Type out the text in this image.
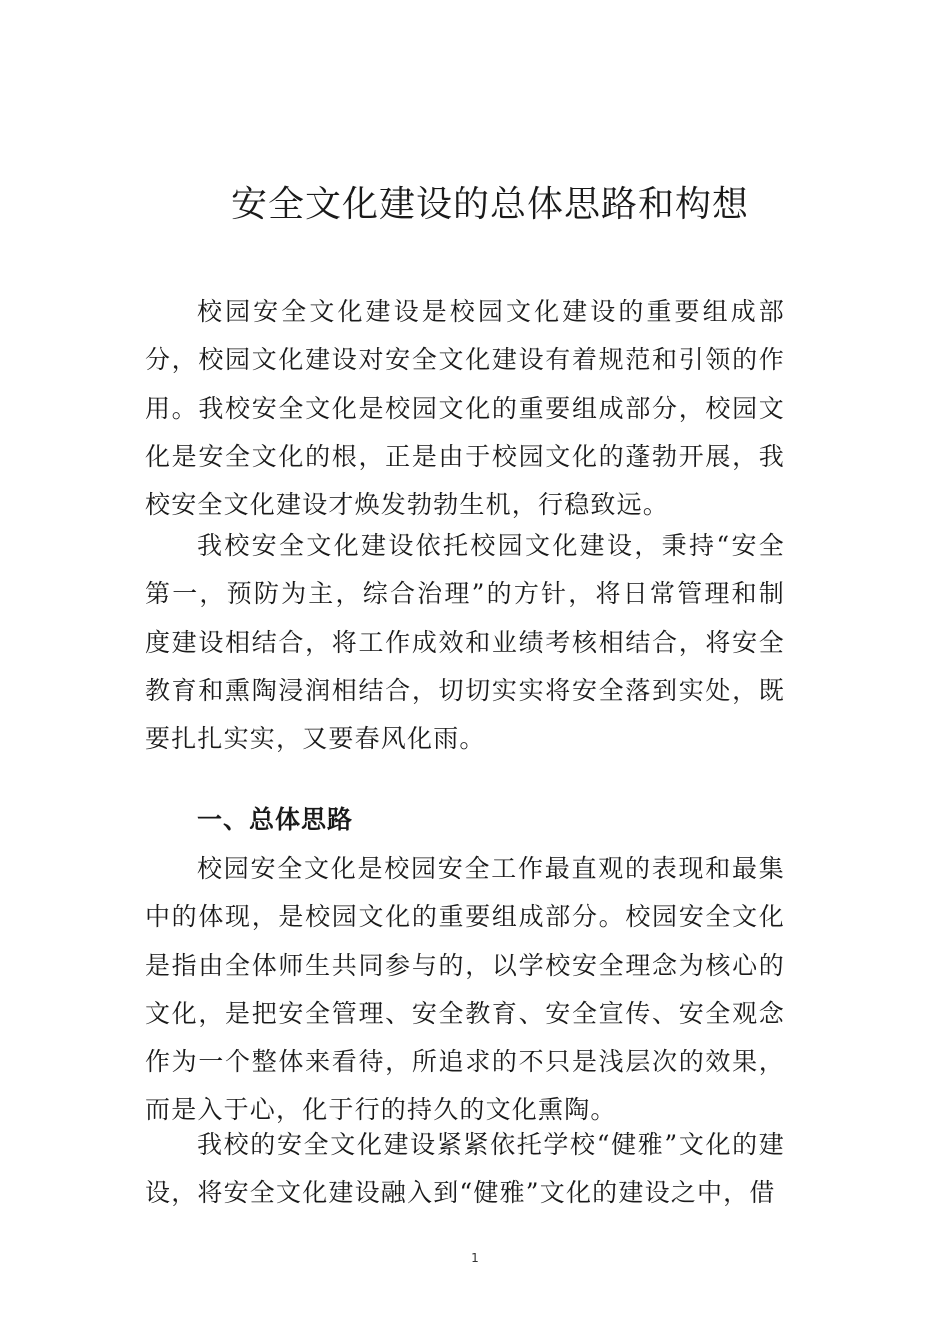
安全文化建设的总体思路和构想

校园安全文化建设是校园文化建设的重要组成部分，校园文化建设对安全文化建设有着规范和引领的作用。我校安全文化是校园文化的重要组成部分，校园文化是安全文化的根，正是由于校园文化的蓬勃开展，我校安全文化建设才焕发勃勃生机，行稳致远。

我校安全文化建设依托校园文化建设，秉持“安全第一，预防为主，综合治理”的方针，将日常管理和制度建设相结合，将工作成效和业绩考核相结合，将安全教育和熏陶浸润相结合，切切实实将安全落到实处，既要扎扎实实，又要春风化雨。

一、总体思路

校园安全文化是校园安全工作最直观的表现和最集中的体现，是校园文化的重要组成部分。校园安全文化是指由全体师生共同参与的，以学校安全理念为核心的文化，是把安全管理、安全教育、安全宣传、安全观念作为一个整体来看待，所追求的不只是浅层次的效果，而是入于心，化于行的持久的文化熏陶。

我校的安全文化建设紧紧依托学校“健雅”文化的建设，将安全文化建设融入到“健雅”文化的建设之中，借

1
